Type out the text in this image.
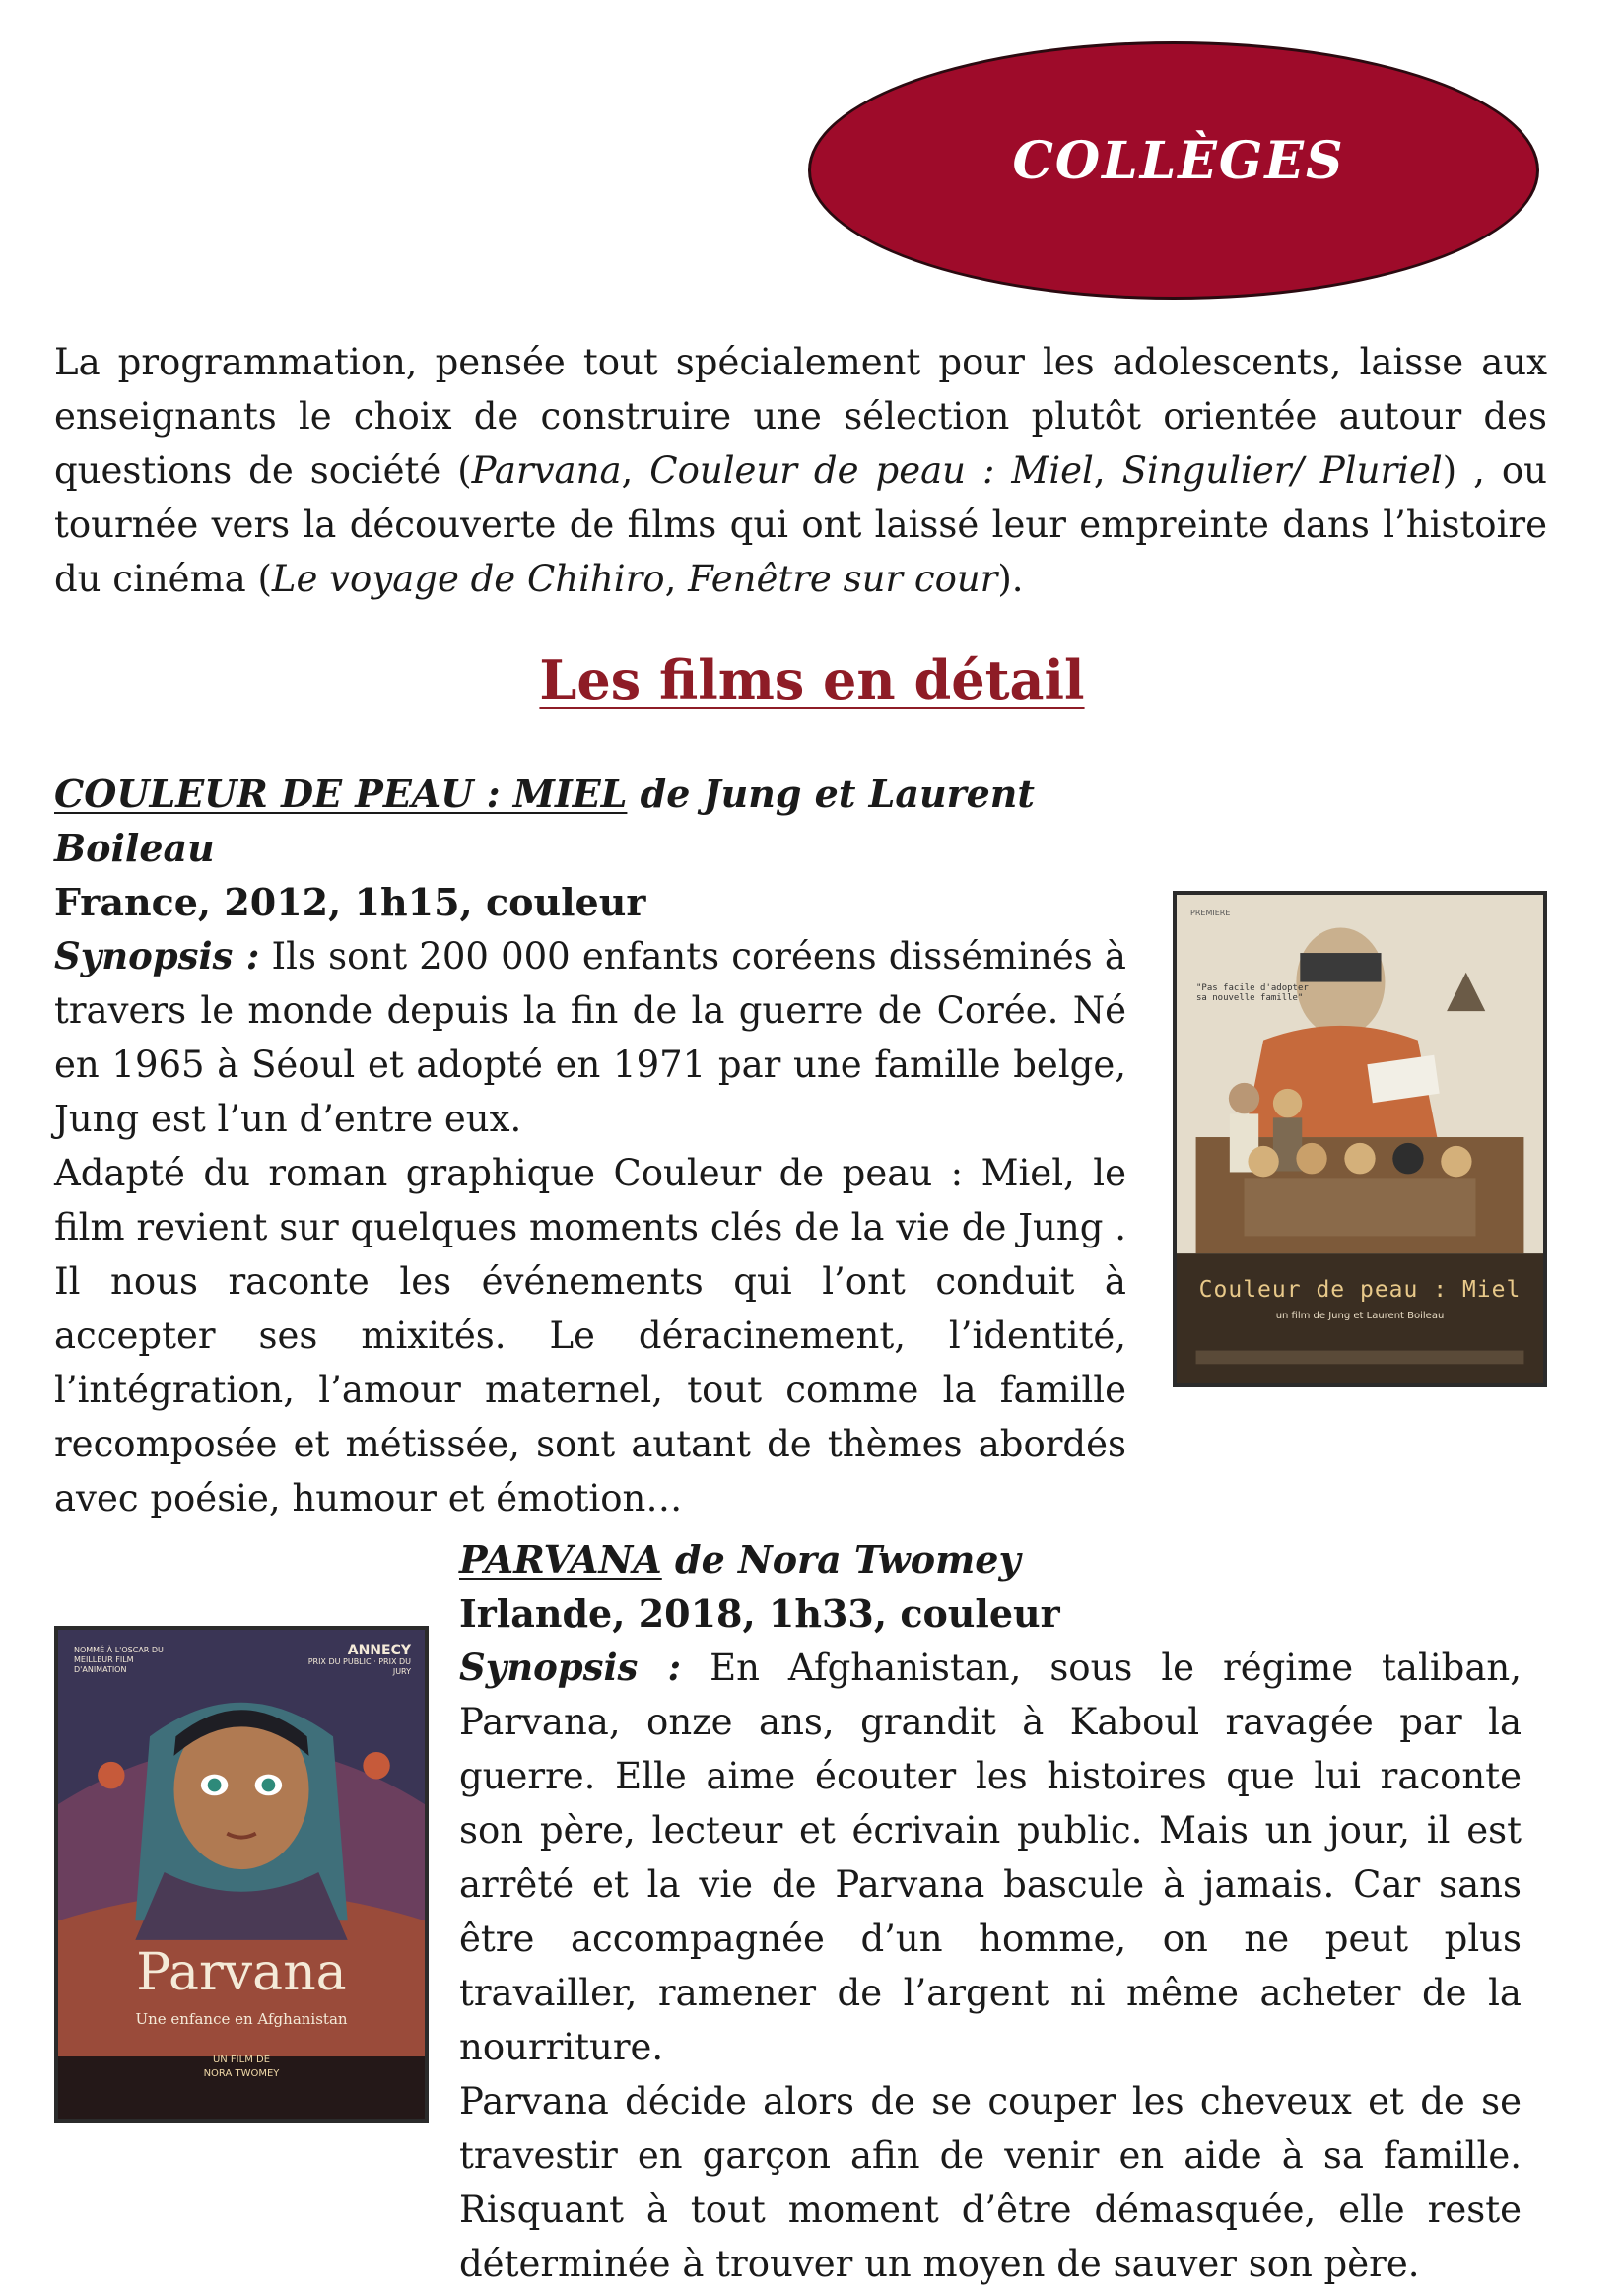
COLLÈGES

La programmation, pensée tout spécialement pour les adolescents, laisse aux enseignants le choix de construire une sélection plutôt orientée autour des questions de société (Parvana, Couleur de peau : Miel, Singulier/ Pluriel) , ou tournée vers la découverte de films qui ont laissé leur empreinte dans l’histoire du cinéma (Le voyage de Chihiro, Fenêtre sur cour).

Les films en détail
COULEUR DE PEAU : MIEL de Jung et Laurent Boileau
France, 2012, 1h15, couleur

Synopsis : Ils sont 200 000 enfants coréens disséminés à travers le monde depuis la fin de la guerre de Corée. Né en 1965 à Séoul et adopté en 1971 par une famille belge, Jung est l’un d’entre eux.

Adapté du roman graphique Couleur de peau : Miel, le film revient sur quelques moments clés de la vie de Jung . Il nous raconte les événements qui l’ont conduit à accepter ses mixités. Le déracinement, l’identité, l’intégration, l’amour maternel, tout comme la famille recomposée et métissée, sont autant de thèmes abordés avec poésie, humour et émotion…

PREMIERE
"Pas facile d'adopter sa nouvelle famille"
Couleur de peau : Miel
un film de Jung et Laurent Boileau
PARVANA de Nora Twomey
Irlande, 2018, 1h33, couleur

Synopsis : En Afghanistan, sous le régime taliban, Parvana, onze ans, grandit à Kaboul ravagée par la guerre. Elle aime écouter les histoires que lui raconte son père, lecteur et écrivain public. Mais un jour, il est arrêté et la vie de Parvana bascule à jamais. Car sans être accompagnée d’un homme, on ne peut plus travailler, ramener de l’argent ni même acheter de la nourriture.

Parvana décide alors de se couper les cheveux et de se travestir en garçon afin de venir en aide à sa famille. Risquant à tout moment d’être démasquée, elle reste déterminée à trouver un moyen de sauver son père.

NOMMÉ À L'OSCAR DU MEILLEUR FILM D'ANIMATION
ANNECY
PRIX DU PUBLIC · PRIX DU JURY
Parvana
Une enfance en Afghanistan
UN FILM DE
NORA TWOMEY
